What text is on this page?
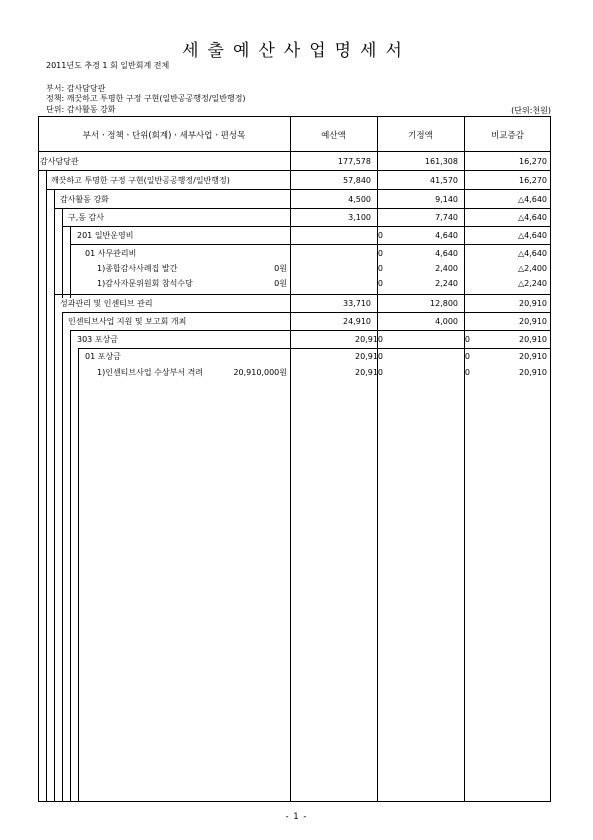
세출예산사업명세서
2011년도 추경 1 회 일반회계 전체
부서: 감사담당관
정책: 깨끗하고 투명한 구정 구현(일반공공행정/일반행정)
단위: 감사활동 강화	(단위:천원)
부서ㆍ정책ㆍ단위(회계)ㆍ세부사업ㆍ편성목	예산액	기정액	비교증감
감사담당관	177,578	161,308	16,270
깨끗하고 투명한 구정 구현(일반공공행정/일반행정)	57,840	41,570	16,270
감사활동 강화	4,500	9,140	△4,640
구,동 감사	3,100	7,740	△4,640
201 일반운영비	0	4,640	△4,640
01 사무관리비	0	4,640	△4,640
1)종합감사사례집 발간	0원	0	2,400	△2,400
1)감사자문위원회 참석수당	0원	0	2,240	△2,240
성과관리 및 인센티브 관리	33,710	12,800	20,910
인센티브사업 지원 및 보고회 개최	24,910	4,000	20,910
303 포상금	20,910	0	20,910
01 포상금	20,910	0	20,910
1)인센티브사업 수상부서 격려	20,910,000원	20,910	0	20,910
- 1 -
